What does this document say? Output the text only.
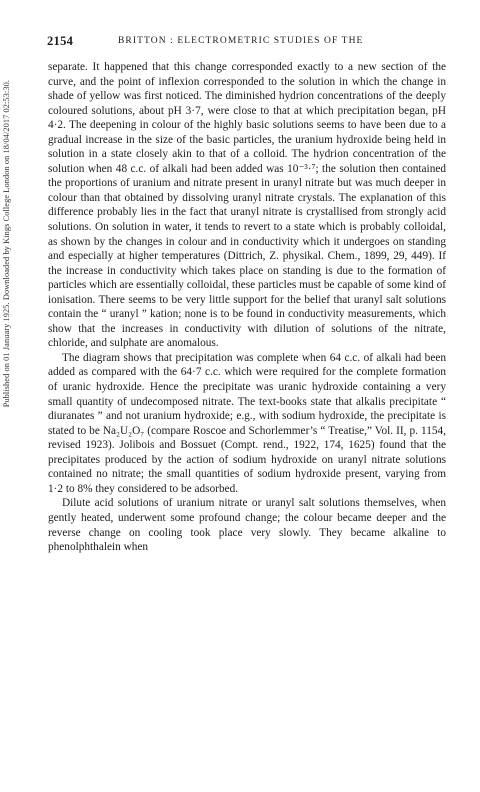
2154	BRITTON : ELECTROMETRIC STUDIES OF THE
Published on 01 January 1925. Downloaded by Kings College London on 18/04/2017 02:53:30.

separate. It happened that this change corresponded exactly to a new section of the curve, and the point of inflexion corresponded to the solution in which the change in shade of yellow was first noticed. The diminished hydrion concentrations of the deeply coloured solutions, about pH 3·7, were close to that at which precipitation began, pH 4·2. The deepening in colour of the highly basic solutions seems to have been due to a gradual increase in the size of the basic particles, the uranium hydroxide being held in solution in a state closely akin to that of a colloid. The hydrion concentration of the solution when 48 c.c. of alkali had been added was 10⁻³·⁷; the solution then contained the proportions of uranium and nitrate present in uranyl nitrate but was much deeper in colour than that obtained by dissolving uranyl nitrate crystals. The explanation of this difference probably lies in the fact that uranyl nitrate is crystallised from strongly acid solutions. On solution in water, it tends to revert to a state which is probably colloidal, as shown by the changes in colour and in conductivity which it undergoes on standing and especially at higher temperatures (Dittrich, Z. physikal. Chem., 1899, 29, 449). If the increase in conductivity which takes place on standing is due to the formation of particles which are essentially colloidal, these particles must be capable of some kind of ionisation. There seems to be very little support for the belief that uranyl salt solutions contain the “ uranyl ” kation; none is to be found in conductivity measurements, which show that the increases in conductivity with dilution of solutions of the nitrate, chloride, and sulphate are anomalous.

The diagram shows that precipitation was complete when 64 c.c. of alkali had been added as compared with the 64·7 c.c. which were required for the complete formation of uranic hydroxide. Hence the precipitate was uranic hydroxide containing a very small quantity of undecomposed nitrate. The text-books state that alkalis precipitate “ diuranates ” and not uranium hydroxide; e.g., with sodium hydroxide, the precipitate is stated to be Na₂U₂O₇ (compare Roscoe and Schorlemmer’s “ Treatise,” Vol. II, p. 1154, revised 1923). Jolibois and Bossuet (Compt. rend., 1922, 174, 1625) found that the precipitates produced by the action of sodium hydroxide on uranyl nitrate solutions contained no nitrate; the small quantities of sodium hydroxide present, varying from 1·2 to 8% they considered to be adsorbed.

Dilute acid solutions of uranium nitrate or uranyl salt solutions themselves, when gently heated, underwent some profound change; the colour became deeper and the reverse change on cooling took place very slowly. They became alkaline to phenolphthalein when
